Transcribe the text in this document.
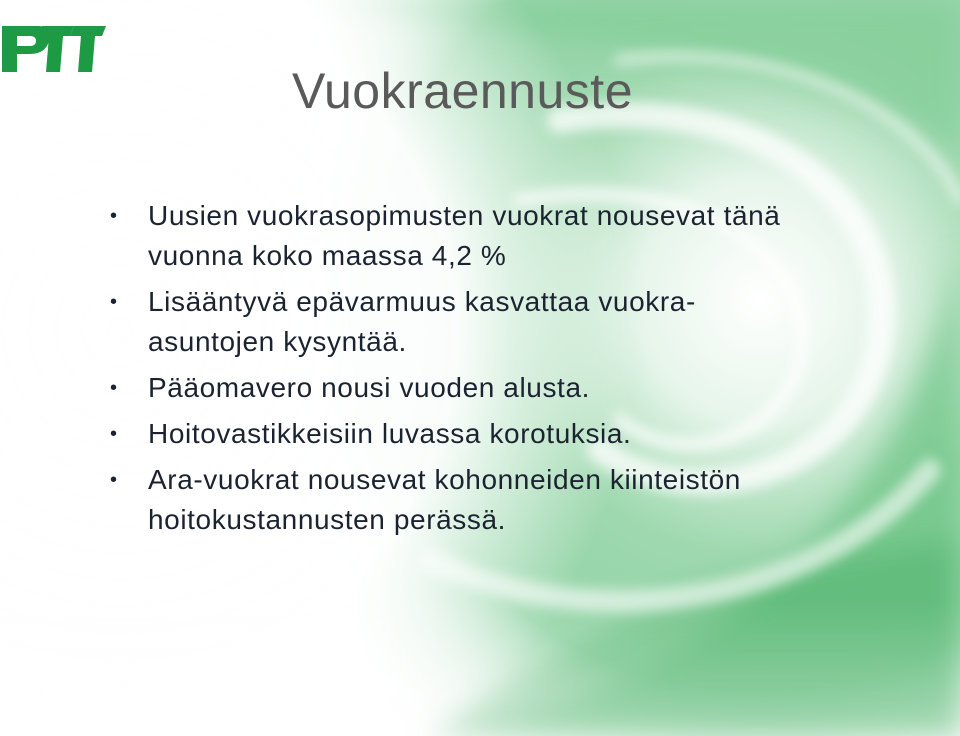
Vuokraennuste
• Uusien vuokrasopimusten vuokrat nousevat tänä vuonna koko maassa 4,2 %
• Lisääntyvä epävarmuus kasvattaa vuokra-asuntojen kysyntää.
• Pääomavero nousi vuoden alusta.
• Hoitovastikkeisiin luvassa korotuksia.
• Ara-vuokrat nousevat kohonneiden kiinteistön hoitokustannusten perässä.
